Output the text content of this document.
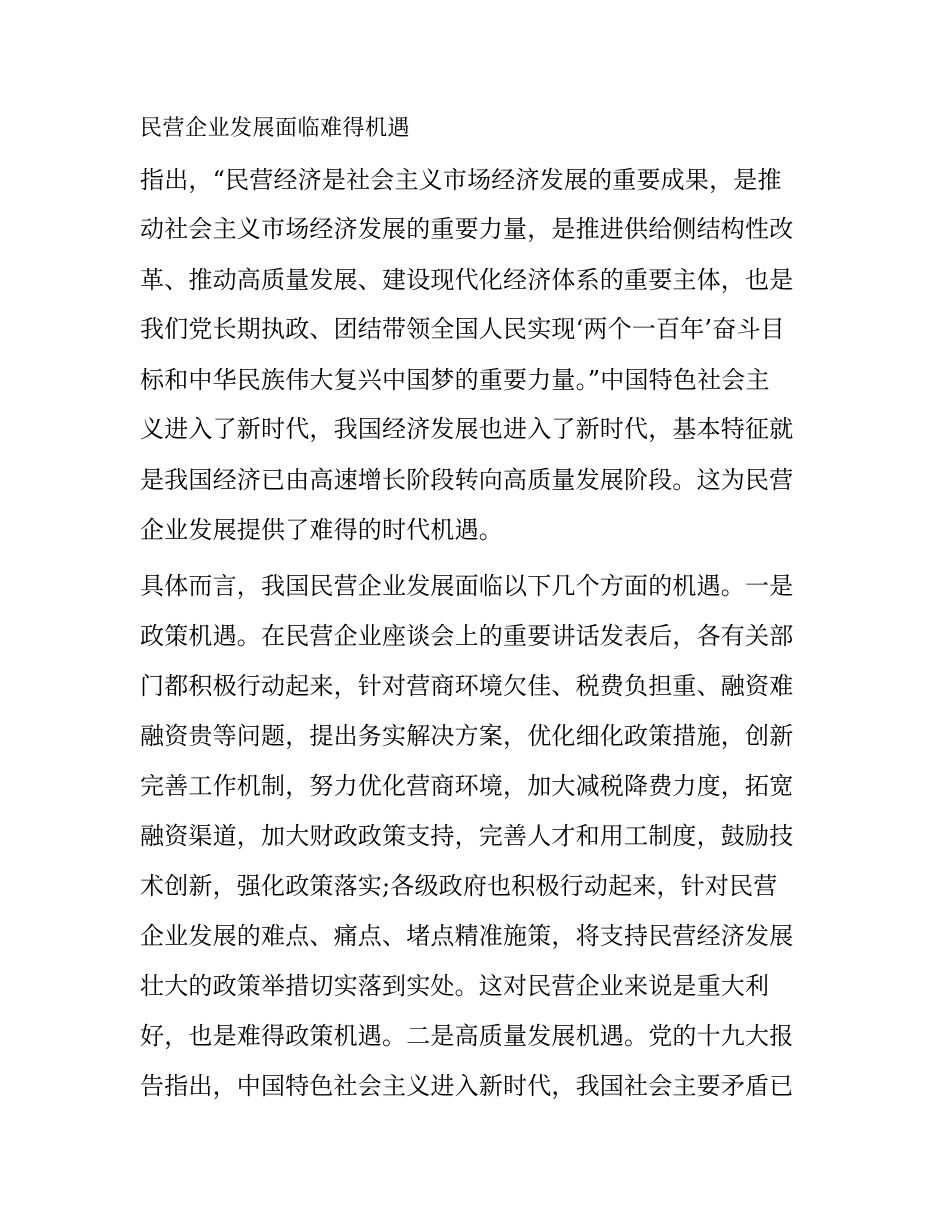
民营企业发展面临难得机遇
指出，“民营经济是社会主义市场经济发展的重要成果，是推
动社会主义市场经济发展的重要力量，是推进供给侧结构性改
革、推动高质量发展、建设现代化经济体系的重要主体，也是
我们党长期执政、团结带领全国人民实现‘两个一百年’奋斗目
标和中华民族伟大复兴中国梦的重要力量。”中国特色社会主
义进入了新时代，我国经济发展也进入了新时代，基本特征就
是我国经济已由高速增长阶段转向高质量发展阶段。这为民营
企业发展提供了难得的时代机遇。
具体而言，我国民营企业发展面临以下几个方面的机遇。一是
政策机遇。在民营企业座谈会上的重要讲话发表后，各有关部
门都积极行动起来，针对营商环境欠佳、税费负担重、融资难
融资贵等问题，提出务实解决方案，优化细化政策措施，创新
完善工作机制，努力优化营商环境，加大减税降费力度，拓宽
融资渠道，加大财政政策支持，完善人才和用工制度，鼓励技
术创新，强化政策落实;各级政府也积极行动起来，针对民营
企业发展的难点、痛点、堵点精准施策，将支持民营经济发展
壮大的政策举措切实落到实处。这对民营企业来说是重大利
好，也是难得政策机遇。二是高质量发展机遇。党的十九大报
告指出，中国特色社会主义进入新时代，我国社会主要矛盾已
